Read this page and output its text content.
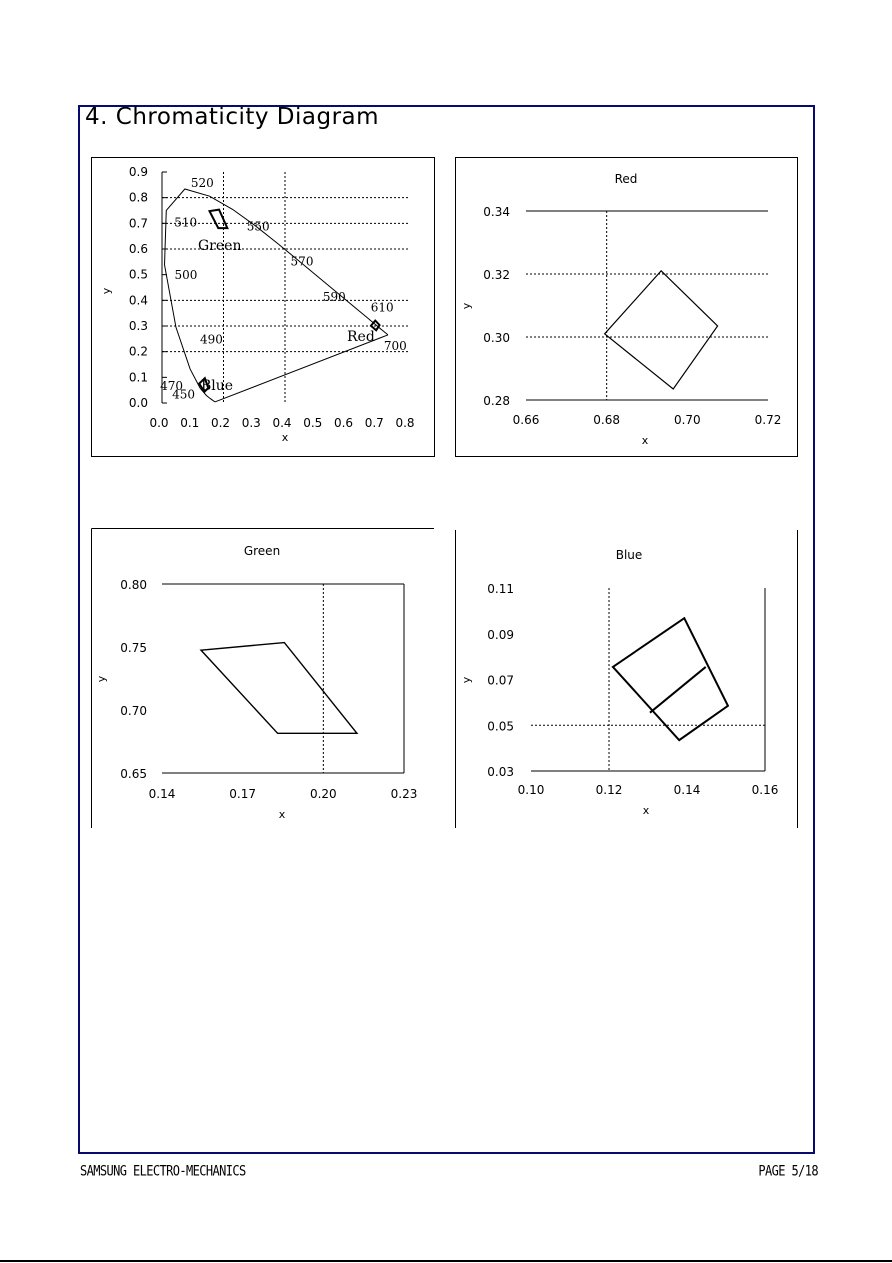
4. Chromaticity Diagram
0.0
0.1
0.2
0.3
0.4
0.5
0.6
0.7
0.8
0.9
0.0 0.1 0.2 0.3 0.4 0.5 0.6 0.7 0.8
x
y
520
510	550
500
570
590
610
490	700
470
450
Green
Red
Blue
Red
0.28
0.30
0.32
0.34
0.66	0.68	0.70	0.72
x
y
Green
0.65
0.70
0.75
0.80
0.14	0.17	0.20	0.23
x
y
Blue
0.03
0.05
0.07
0.09
0.11
0.10	0.12	0.14	0.16
x
y
SAMSUNG ELECTRO-MECHANICS	PAGE 5/18
